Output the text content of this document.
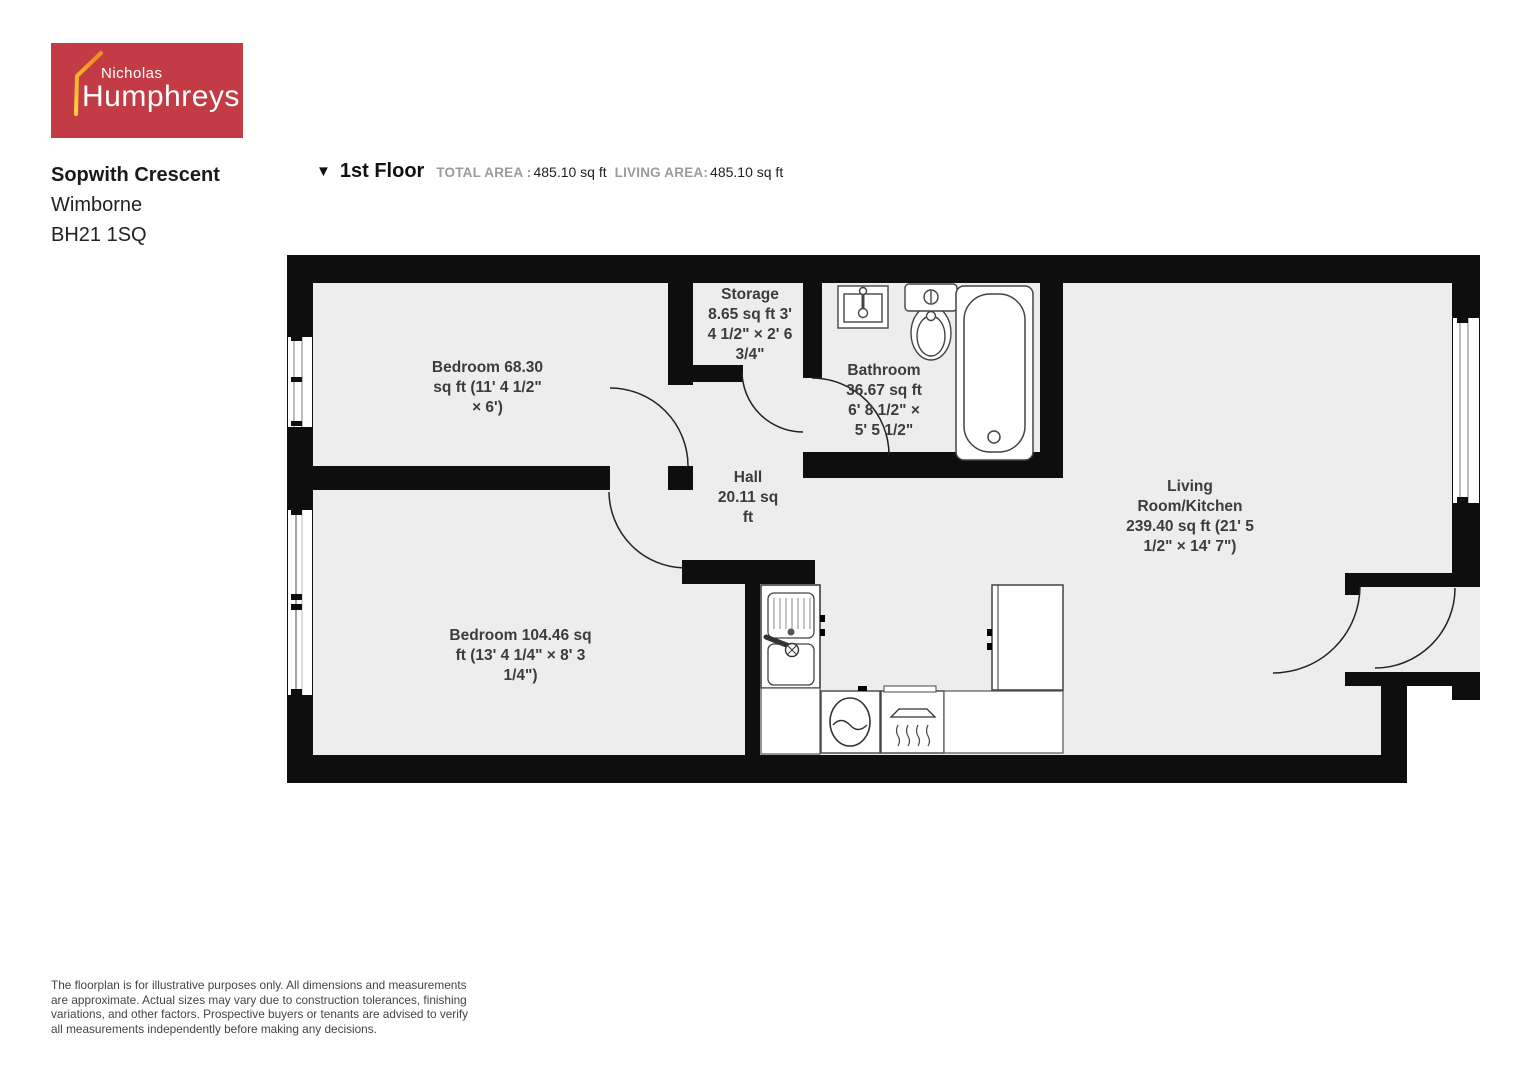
Nicholas
Humphreys
Sopwith Crescent
Wimborne
BH21 1SQ
▼ 1st Floor TOTAL AREA : 485.10 sq ft LIVING AREA: 485.10 sq ft
Bedroom 68.30
sq ft (11' 4 1/2"
× 6')
Storage
8.65 sq ft 3'
4 1/2" × 2' 6
3/4"
Bathroom
36.67 sq ft
6' 8 1/2" ×
5' 5 1/2"
Hall
20.11 sq
ft
Bedroom 104.46 sq
ft (13' 4 1/4" × 8' 3
1/4")
Living
Room/Kitchen
239.40 sq ft (21' 5
1/2" × 14' 7")
The floorplan is for illustrative purposes only. All dimensions and measurements are approximate. Actual sizes may vary due to construction tolerances, finishing variations, and other factors. Prospective buyers or tenants are advised to verify all measurements independently before making any decisions.
